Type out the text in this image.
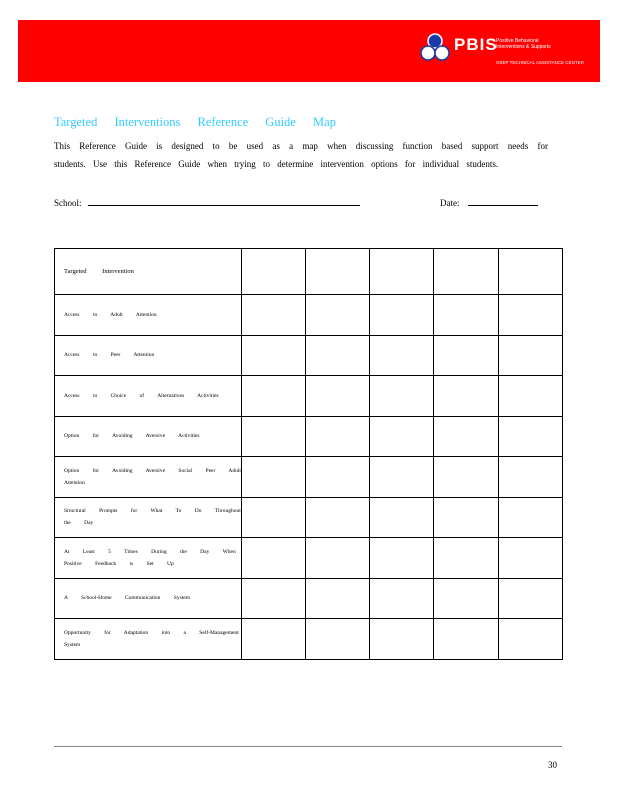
PBIS
Positive Behavioral Interventions & Supports
OSEP TECHNICAL ASSISTANCE CENTER
Targeted Interventions Reference Guide Map
This Reference Guide is designed to be used as a map when discussing function based support needs for students. Use this Reference Guide when trying to determine intervention options for individual students.
School:	Date:
Targeted Intervention					
Access to Adult Attention					
Access to Peer Attention					
Access to Choice of Alternatives Activities					
Option for Avoiding Aversive Activities					
Option for Avoiding Aversive Social Peer Adult Attention					
Structural Prompts for What To Do Throughout the Day					
At Least 5 Times During the Day When Positive Feedback is Set Up					
A School-Home Communication System					
Opportunity for Adaptation into a Self-Management System					
30
